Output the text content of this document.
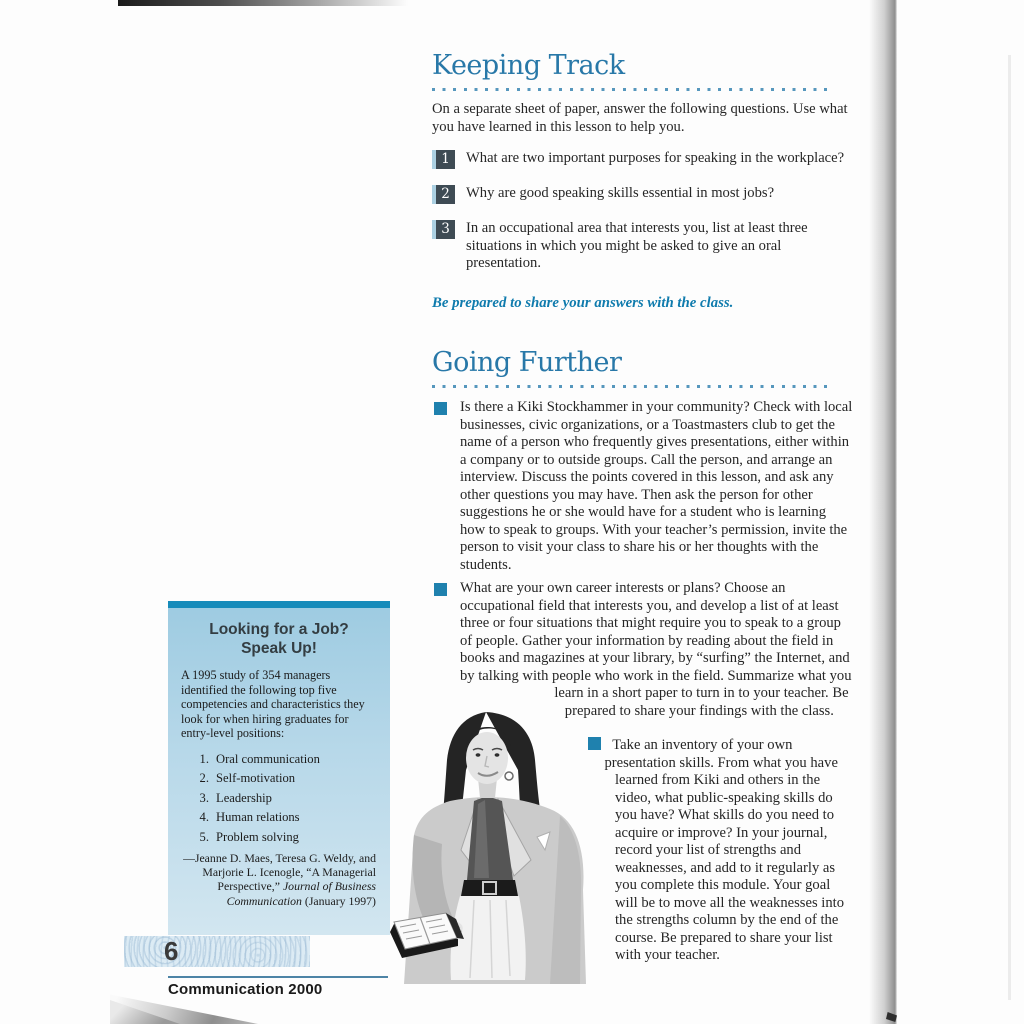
Keeping Track
On a separate sheet of paper, answer the following questions. Use what you have learned in this lesson to help you.
1	What are two important purposes for speaking in the workplace?
2	Why are good speaking skills essential in most jobs?
3	In an occupational area that interests you, list at least three situations in which you might be asked to give an oral presentation.
Be prepared to share your answers with the class.
Going Further

Is there a Kiki Stockhammer in your community? Check with local businesses, civic organizations, or a Toastmasters club to get the name of a person who frequently gives presentations, either within a company or to outside groups. Call the person, and arrange an interview. Discuss the points covered in this lesson, and ask any other questions you may have. Then ask the person for other suggestions he or she would have for a student who is learning how to speak to groups. With your teacher’s permission, invite the person to visit your class to share his or her thoughts with the students.

What are your own career interests or plans? Choose an occupational field that interests you, and develop a list of at least three or four situations that might require you to speak to a group of people. Gather your information by reading about the field in books and magazines at your library, by “surfing” the Internet, and by talking with people who work in the field. Summarize what you learn in a short paper to turn in to your teacher. Be prepared to share your findings with the class.

Take an inventory of your own presentation skills. From what you have learned from Kiki and others in the video, what public-speaking skills do you have? What skills do you need to acquire or improve? In your journal, record your list of strengths and weaknesses, and add to it regularly as you complete this module. Your goal will be to move all the weaknesses into the strengths column by the end of the course. Be prepared to share your list with your teacher.

Looking for a Job?
Speak Up!
A 1995 study of 354 managers identified the following top five competencies and characteristics they look for when hiring graduates for entry-level positions:
1. Oral communication
2. Self-motivation
3. Leadership
4. Human relations
5. Problem solving
—Jeanne D. Maes, Teresa G. Weldy, and Marjorie L. Icenogle, “A Managerial Perspective,” Journal of Business Communication (January 1997)
6
Communication 2000
